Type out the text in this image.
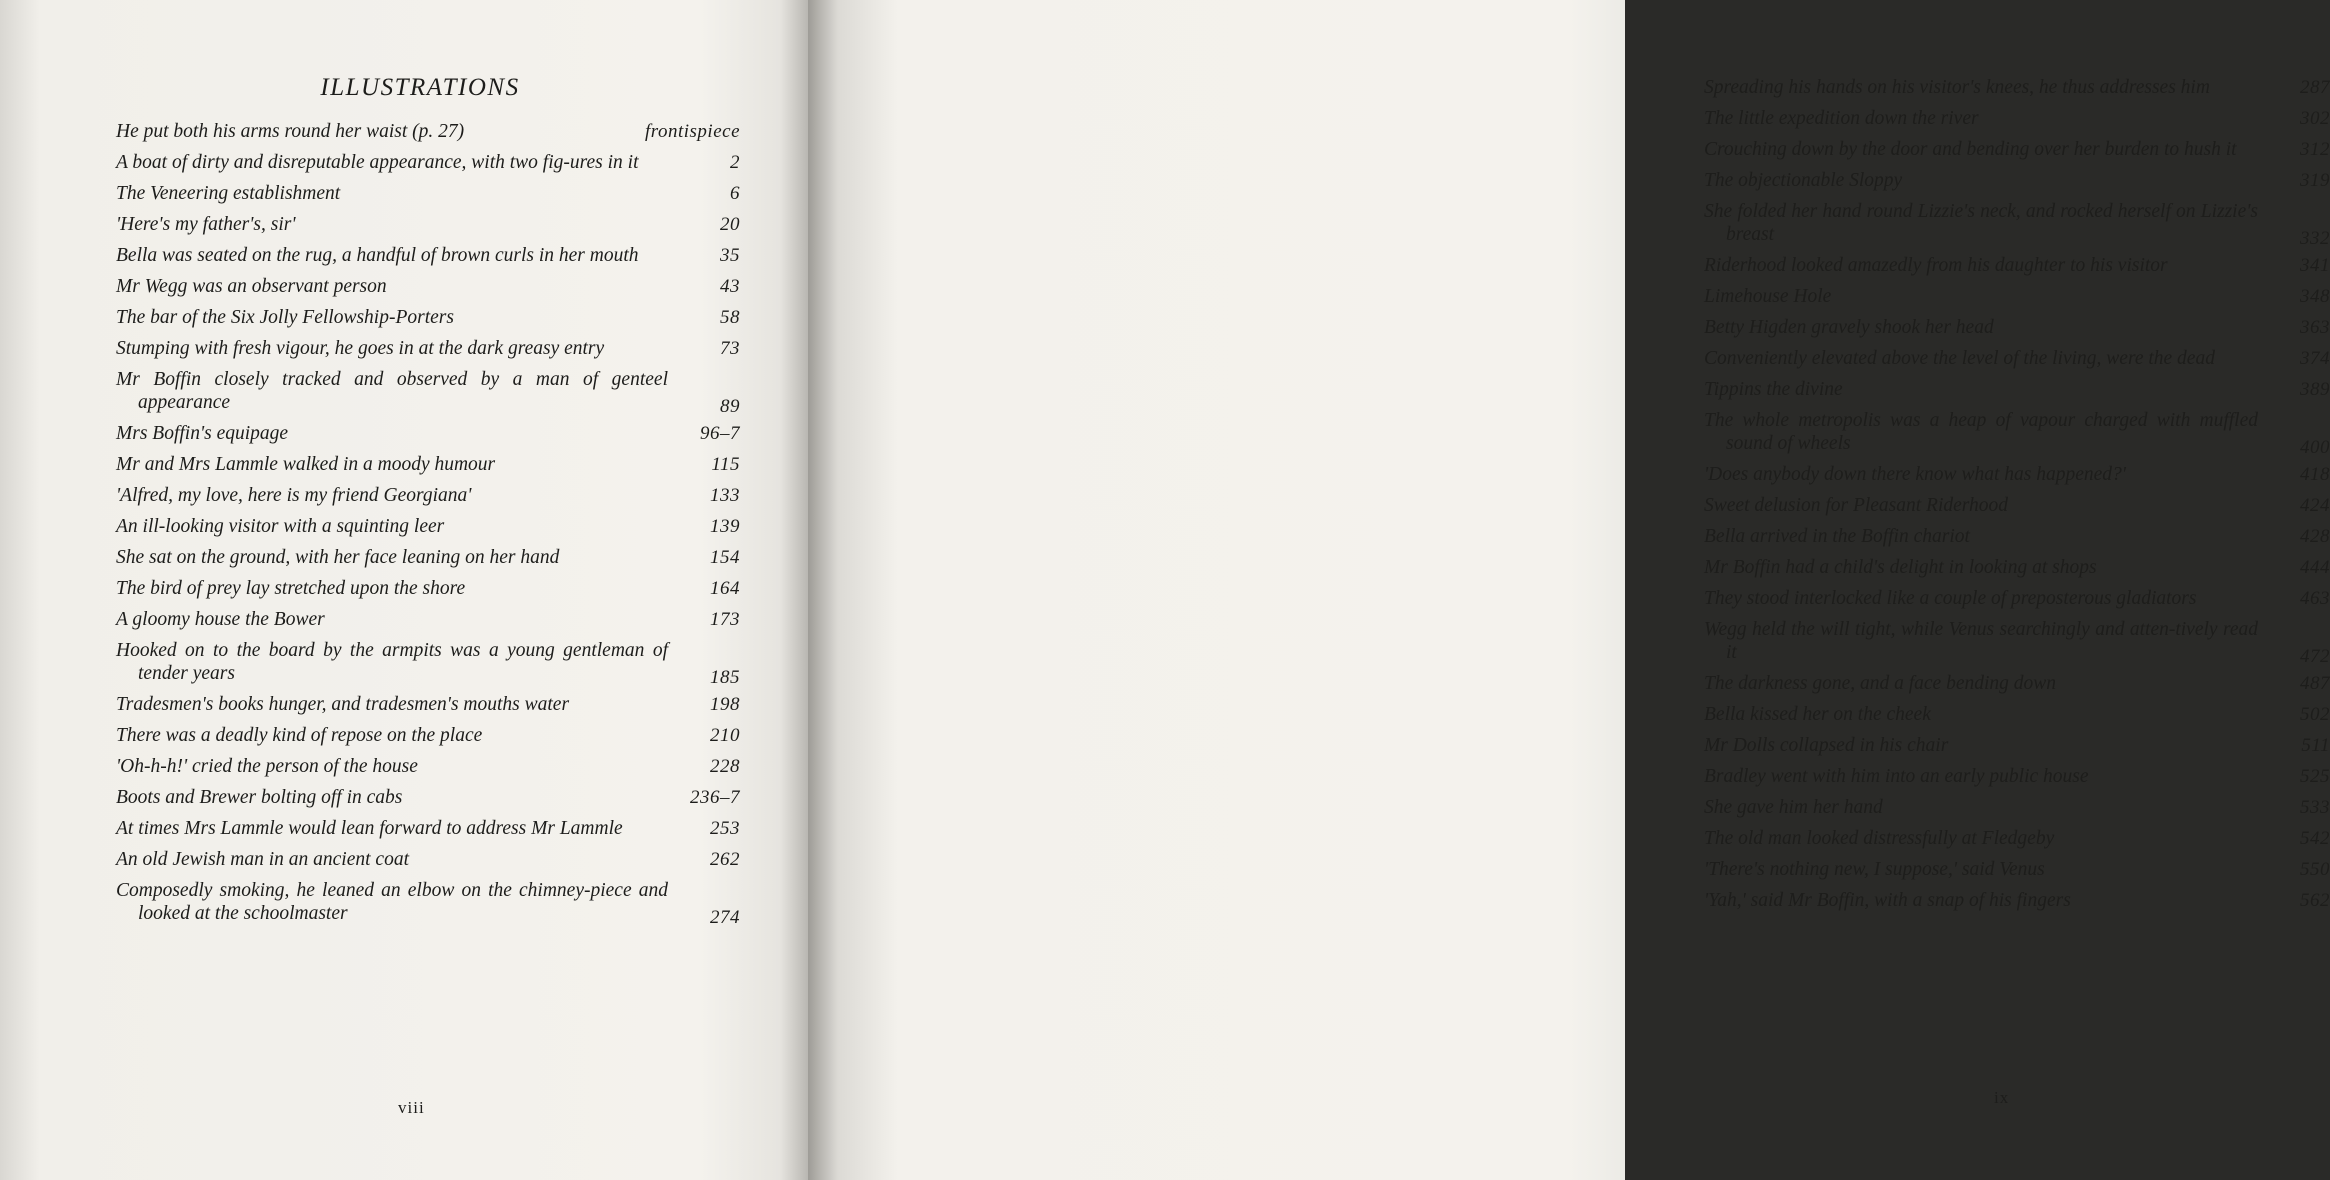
ILLUSTRATIONS
He put both his arms round her waist (p. 27)	frontispiece
A boat of dirty and disreputable appearance, with two fig-ures in it	2
The Veneering establishment	6
'Here's my father's, sir'	20
Bella was seated on the rug, a handful of brown curls in her mouth	35
Mr Wegg was an observant person	43
The bar of the Six Jolly Fellowship-Porters	58
Stumping with fresh vigour, he goes in at the dark greasy entry	73
Mr Boffin closely tracked and observed by a man of genteel appearance	89
Mrs Boffin's equipage	96–7
Mr and Mrs Lammle walked in a moody humour	115
'Alfred, my love, here is my friend Georgiana'	133
An ill-looking visitor with a squinting leer	139
She sat on the ground, with her face leaning on her hand	154
The bird of prey lay stretched upon the shore	164
A gloomy house the Bower	173
Hooked on to the board by the armpits was a young gentleman of tender years	185
Tradesmen's books hunger, and tradesmen's mouths water	198
There was a deadly kind of repose on the place	210
'Oh-h-h!' cried the person of the house	228
Boots and Brewer bolting off in cabs	236–7
At times Mrs Lammle would lean forward to address Mr Lammle	253
An old Jewish man in an ancient coat	262
Composedly smoking, he leaned an elbow on the chimney-piece and looked at the schoolmaster	274
viii
Spreading his hands on his visitor's knees, he thus addresses him	287
The little expedition down the river	302
Crouching down by the door and bending over her burden to hush it	312
The objectionable Sloppy	319
She folded her hand round Lizzie's neck, and rocked herself on Lizzie's breast	332
Riderhood looked amazedly from his daughter to his visitor	341
Limehouse Hole	348
Betty Higden gravely shook her head	363
Conveniently elevated above the level of the living, were the dead	374
Tippins the divine	389
The whole metropolis was a heap of vapour charged with muffled sound of wheels	400
'Does anybody down there know what has happened?'	418
Sweet delusion for Pleasant Riderhood	424
Bella arrived in the Boffin chariot	428
Mr Boffin had a child's delight in looking at shops	444
They stood interlocked like a couple of preposterous gladiators	463
Wegg held the will tight, while Venus searchingly and atten-tively read it	472
The darkness gone, and a face bending down	487
Bella kissed her on the cheek	502
Mr Dolls collapsed in his chair	511
Bradley went with him into an early public house	525
She gave him her hand	533
The old man looked distressfully at Fledgeby	542
'There's nothing new, I suppose,' said Venus	550
'Yah,' said Mr Boffin, with a snap of his fingers	562
ix
